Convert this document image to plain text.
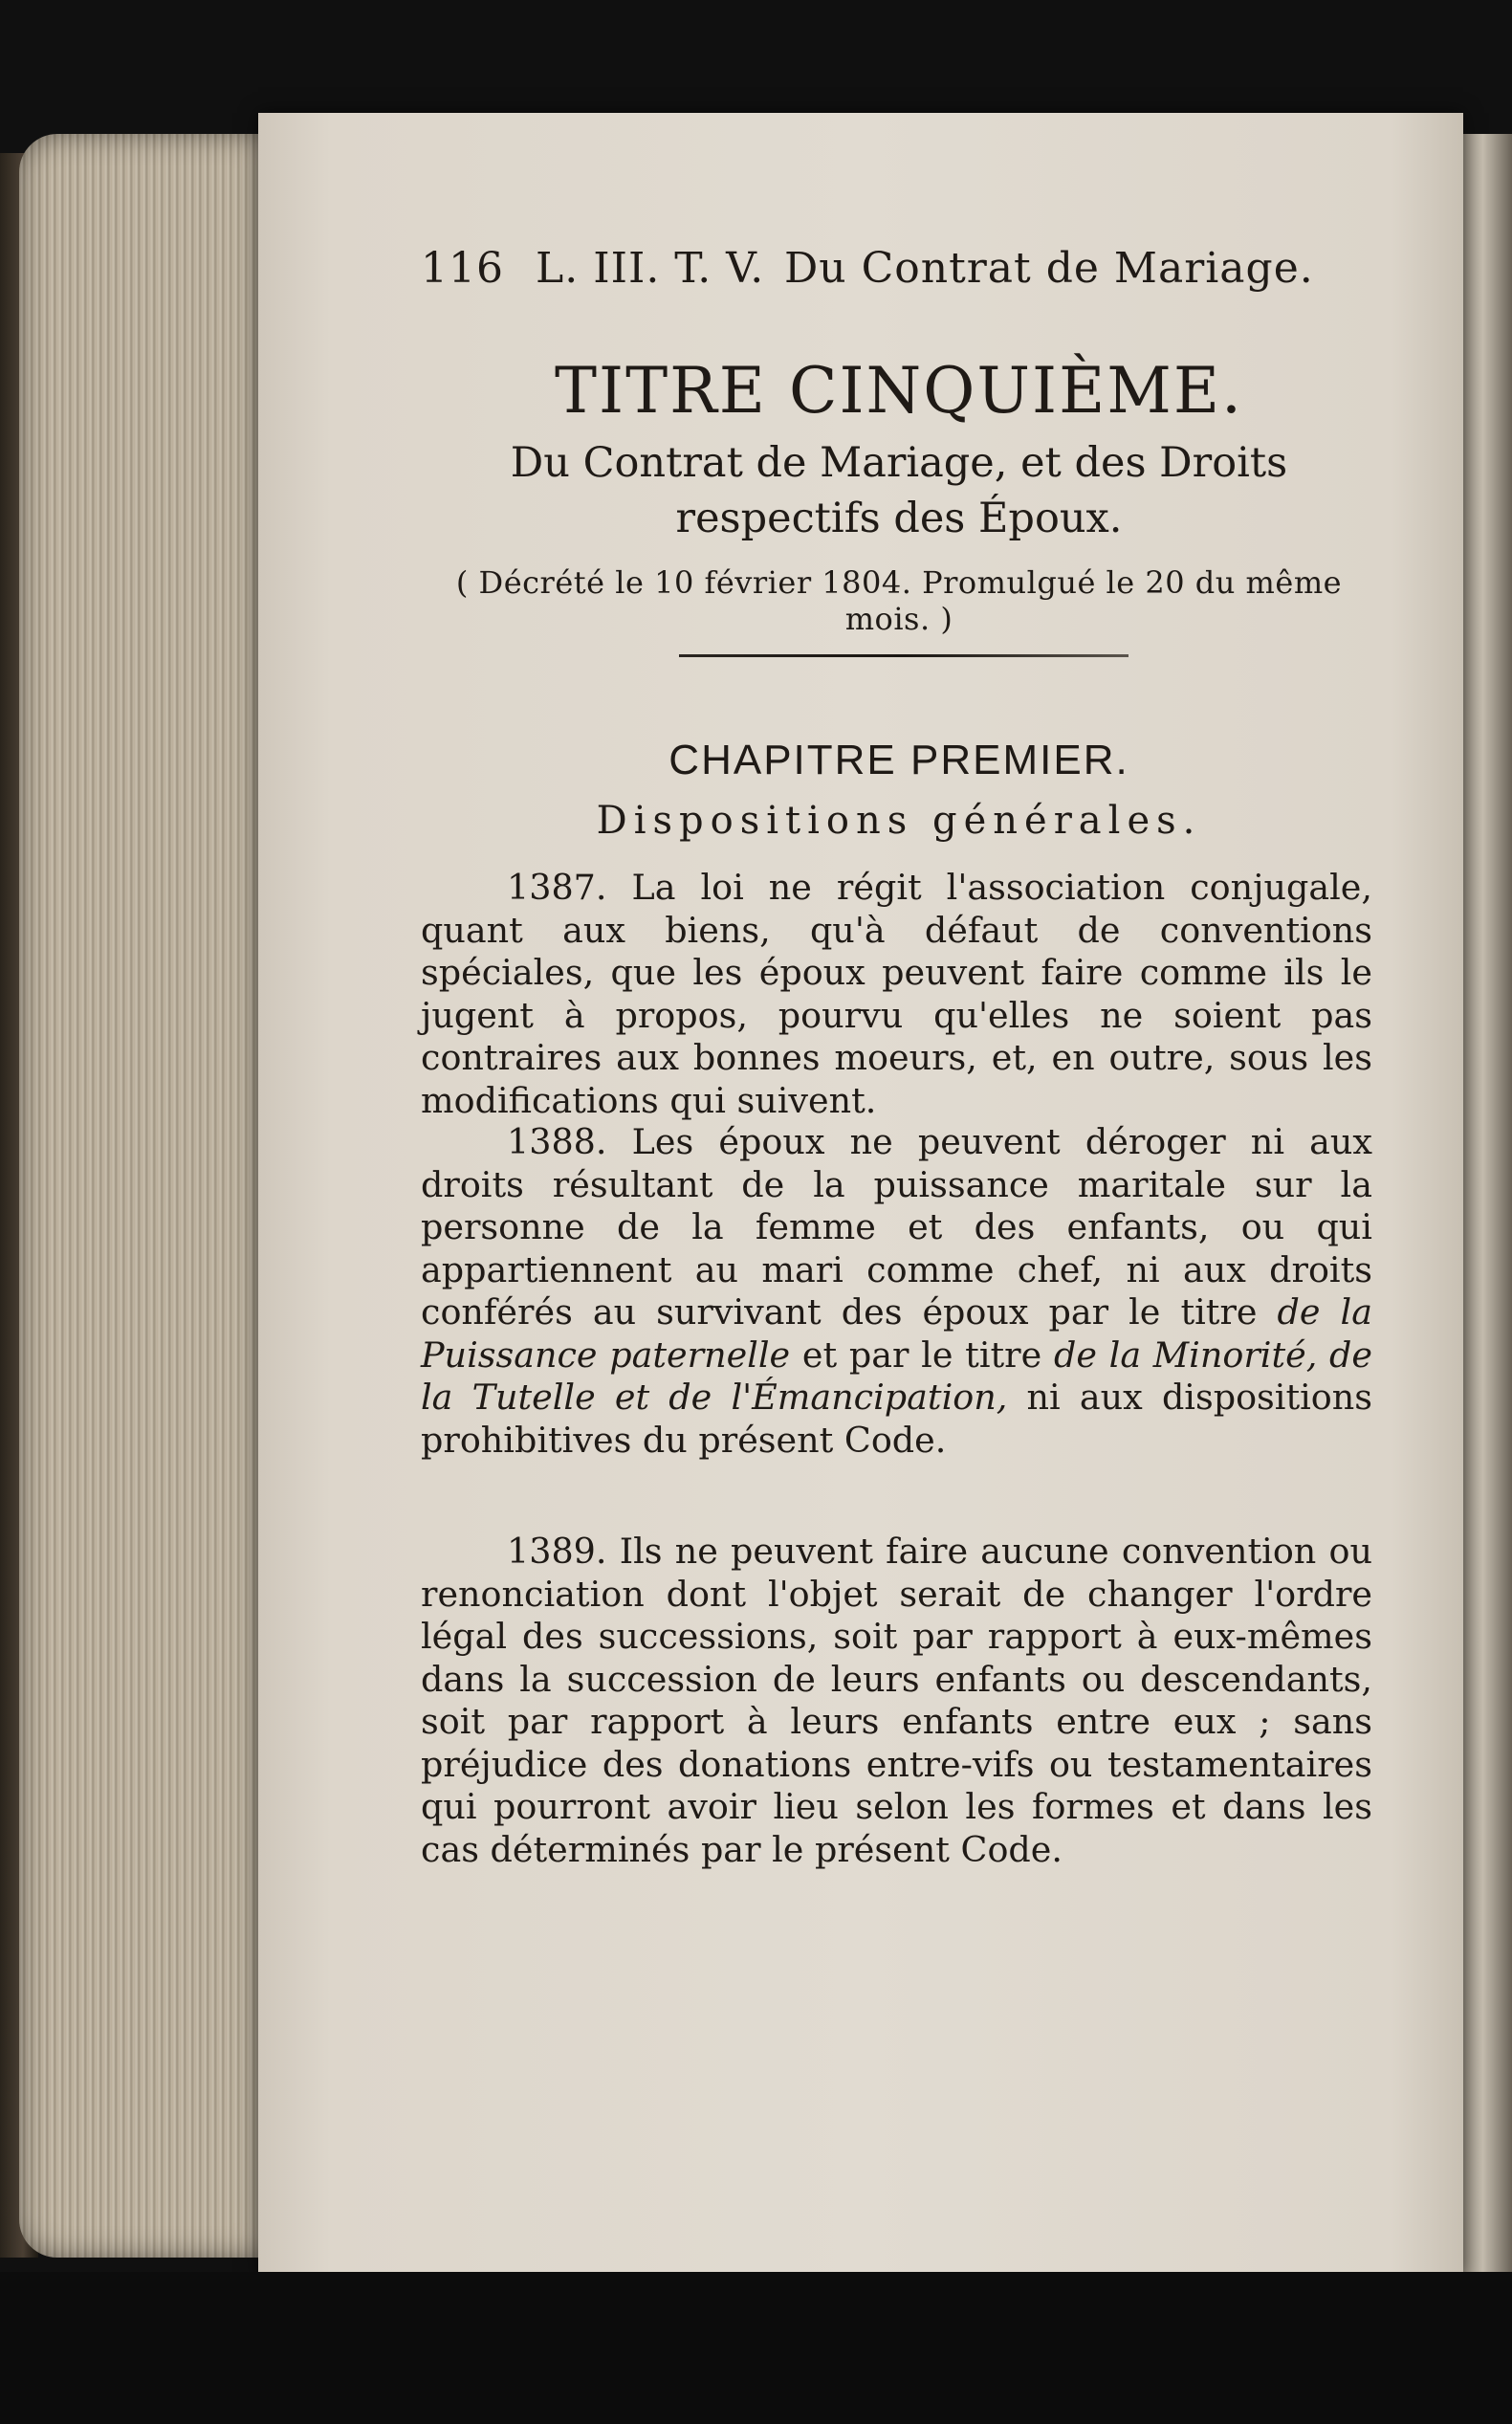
116 L. III. T. V. Du Contrat de Mariage.
TITRE CINQUIÈME.
Du Contrat de Mariage, et des Droits respectifs des Époux.
( Décrété le 10 février 1804. Promulgué le 20 du même mois. )
CHAPITRE PREMIER.
Dispositions générales.
1387. La loi ne régit l'association conjugale, quant aux biens, qu'à défaut de conventions spéciales, que les époux peuvent faire comme ils le jugent à propos, pourvu qu'elles ne soient pas contraires aux bonnes moeurs, et, en outre, sous les modifications qui suivent.
1388. Les époux ne peuvent déroger ni aux droits résultant de la puissance maritale sur la personne de la femme et des enfants, ou qui appartiennent au mari comme chef, ni aux droits conférés au survivant des époux par le titre de la Puissance paternelle et par le titre de la Minorité, de la Tutelle et de l'Émancipation, ni aux dispositions prohibitives du présent Code.
1389. Ils ne peuvent faire aucune convention ou renonciation dont l'objet serait de changer l'ordre légal des successions, soit par rapport à eux-mêmes dans la succession de leurs enfants ou descendants, soit par rapport à leurs enfants entre eux ; sans préjudice des donations entre-vifs ou testamentaires qui pourront avoir lieu selon les formes et dans les cas déterminés par le présent Code.
